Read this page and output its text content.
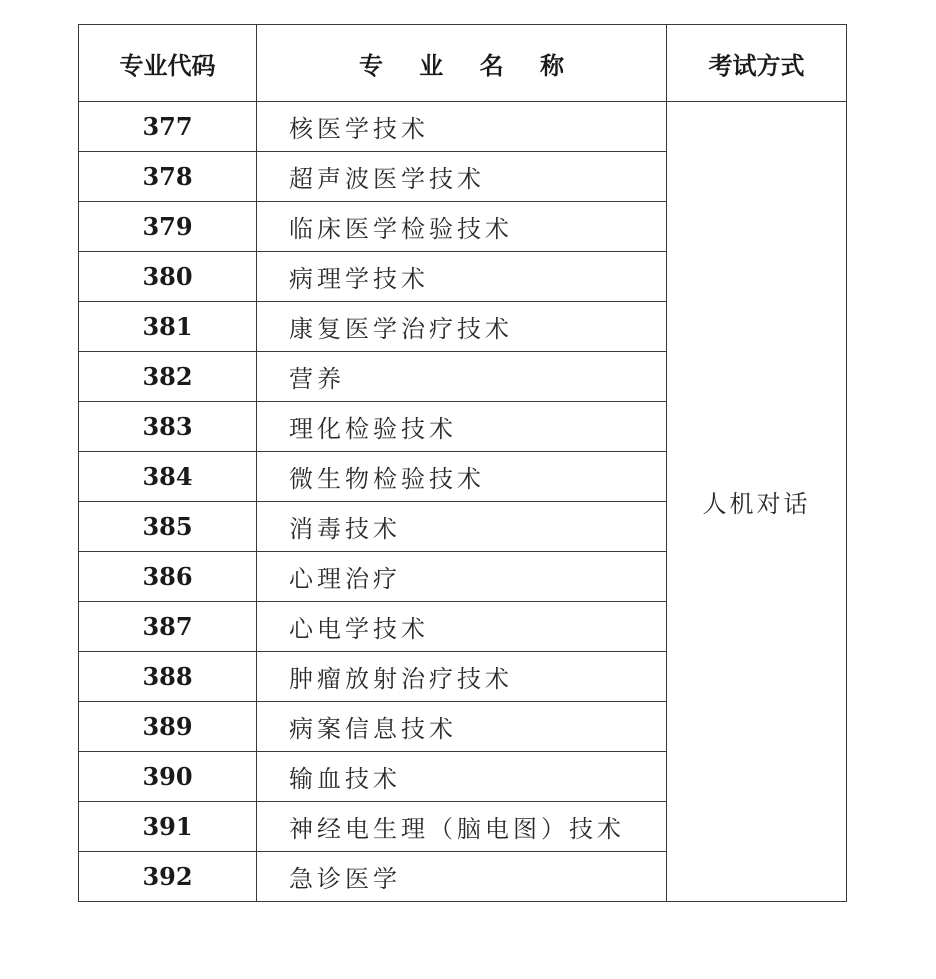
专业代码	专 业 名 称	考试方式
377	核医学技术	人机对话
378	超声波医学技术	
379	临床医学检验技术	
380	病理学技术	
381	康复医学治疗技术	
382	营养	
383	理化检验技术	
384	微生物检验技术	
385	消毒技术	
386	心理治疗	
387	心电学技术	
388	肿瘤放射治疗技术	
389	病案信息技术	
390	输血技术	
391	神经电生理（脑电图）技术	
392	急诊医学	
